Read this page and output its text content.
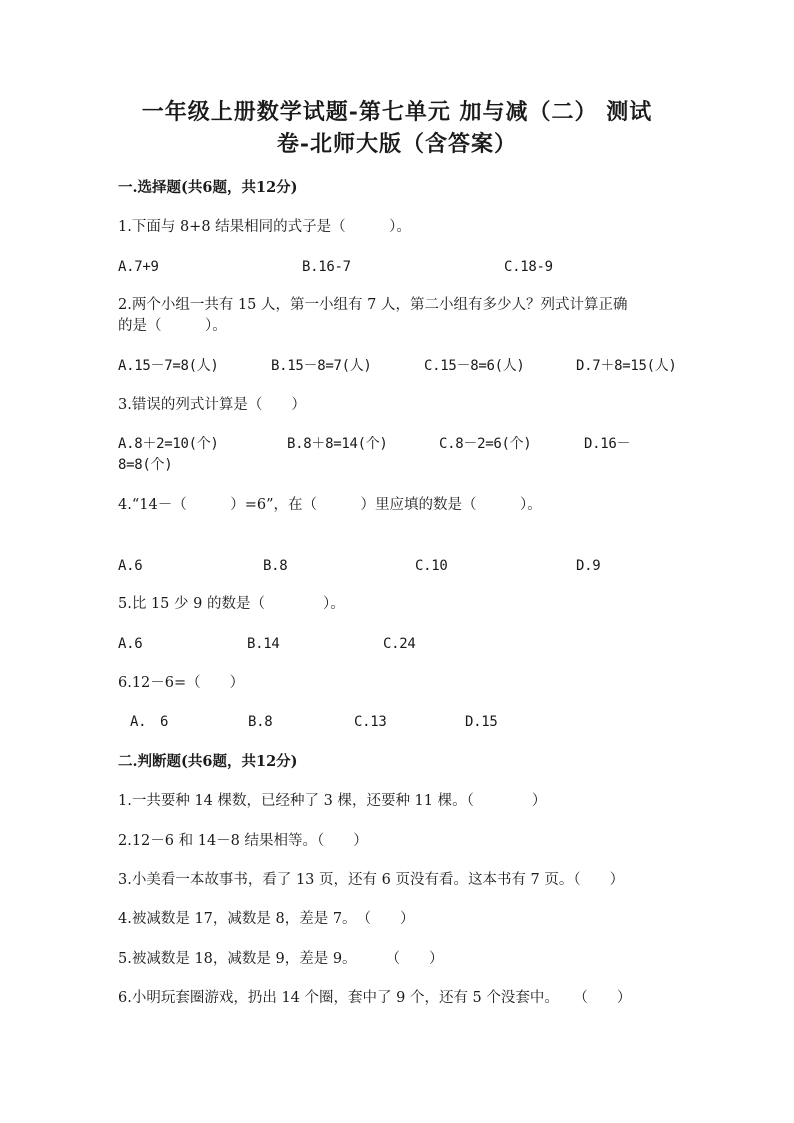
一年级上册数学试题-第七单元 加与减（二） 测试
卷-北师大版（含答案）
一.选择题(共6题，共12分)
1.下面与 8+8 结果相同的式子是（　　　）。
A.7+9	B.16-7	C.18-9
2.两个小组一共有 15 人，第一小组有 7 人，第二小组有多少人？列式计算正确
的是（　　　）。
A.15－7=8(人)	B.15－8=7(人)	C.15－8=6(人)	D.7＋8=15(人)
3.错误的列式计算是（　　）
A.8＋2=10(个)	B.8＋8=14(个)	C.8－2=6(个)	D.16－
8=8(个)
4.“14－（　　　）=6”，在（　　　）里应填的数是（　　　）。
A.6	B.8	C.10	D.9
5.比 15 少 9 的数是（　　　　）。
A.6	B.14	C.24
6.12－6=（　　）
A.　6	B.8	C.13	D.15
二.判断题(共6题，共12分)
1.一共要种 14 棵数，已经种了 3 棵，还要种 11 棵。（　　　　）
2.12－6 和 14－8 结果相等。（　　）
3.小美看一本故事书，看了 13 页，还有 6 页没有看。这本书有 7 页。（　　）
4.被减数是 17，减数是 8，差是 7。　（　　）
5.被减数是 18，减数是 9，差是 9。　　　（　　）
6.小明玩套圈游戏，扔出 14 个圈，套中了 9 个，还有 5 个没套中。　　（　　）
